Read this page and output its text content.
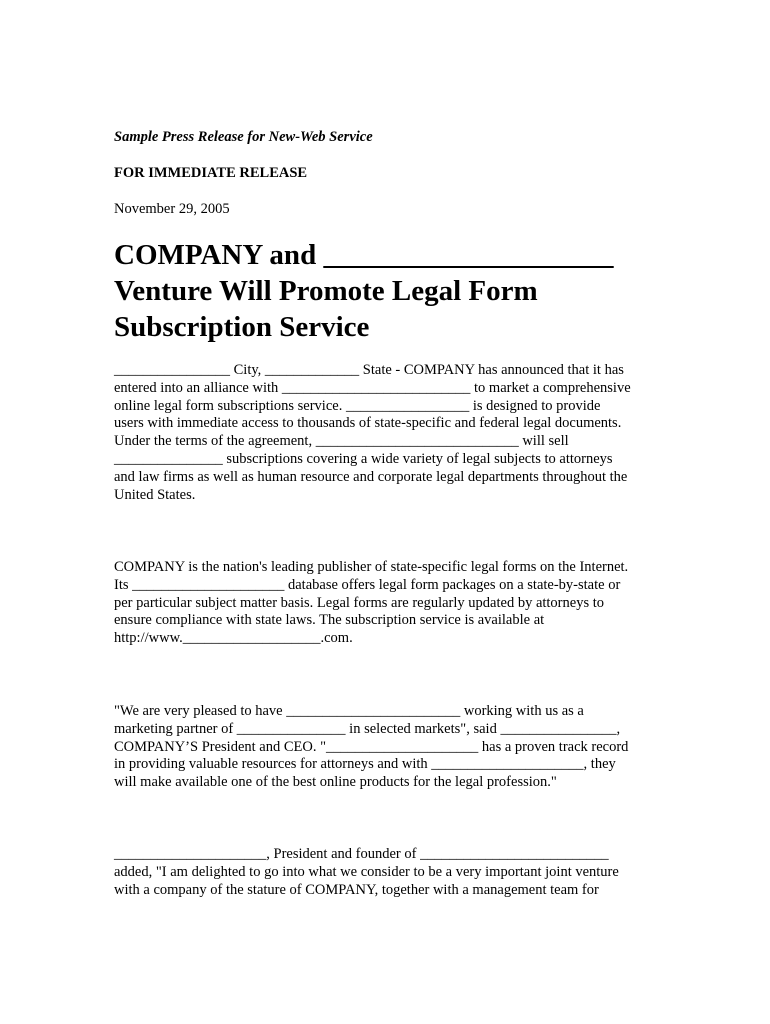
Sample Press Release for New-Web Service

FOR IMMEDIATE RELEASE

November 29, 2005

COMPANY and ____________________
Venture Will Promote Legal Form
Subscription Service

________________ City, _____________ State - COMPANY has announced that it has
entered into an alliance with __________________________ to market a comprehensive
online legal form subscriptions service. _________________ is designed to provide
users with immediate access to thousands of state-specific and federal legal documents.
Under the terms of the agreement, ____________________________ will sell
_______________ subscriptions covering a wide variety of legal subjects to attorneys
and law firms as well as human resource and corporate legal departments throughout the
United States.

COMPANY is the nation's leading publisher of state-specific legal forms on the Internet.
Its _____________________ database offers legal form packages on a state-by-state or
per particular subject matter basis. Legal forms are regularly updated by attorneys to
ensure compliance with state laws. The subscription service is available at
http://www.___________________.com.

"We are very pleased to have ________________________ working with us as a
marketing partner of _______________ in selected markets", said ________________,
COMPANY’S President and CEO. "_____________________ has a proven track record
in providing valuable resources for attorneys and with _____________________, they
will make available one of the best online products for the legal profession."

_____________________, President and founder of __________________________
added, "I am delighted to go into what we consider to be a very important joint venture
with a company of the stature of COMPANY, together with a management team for
